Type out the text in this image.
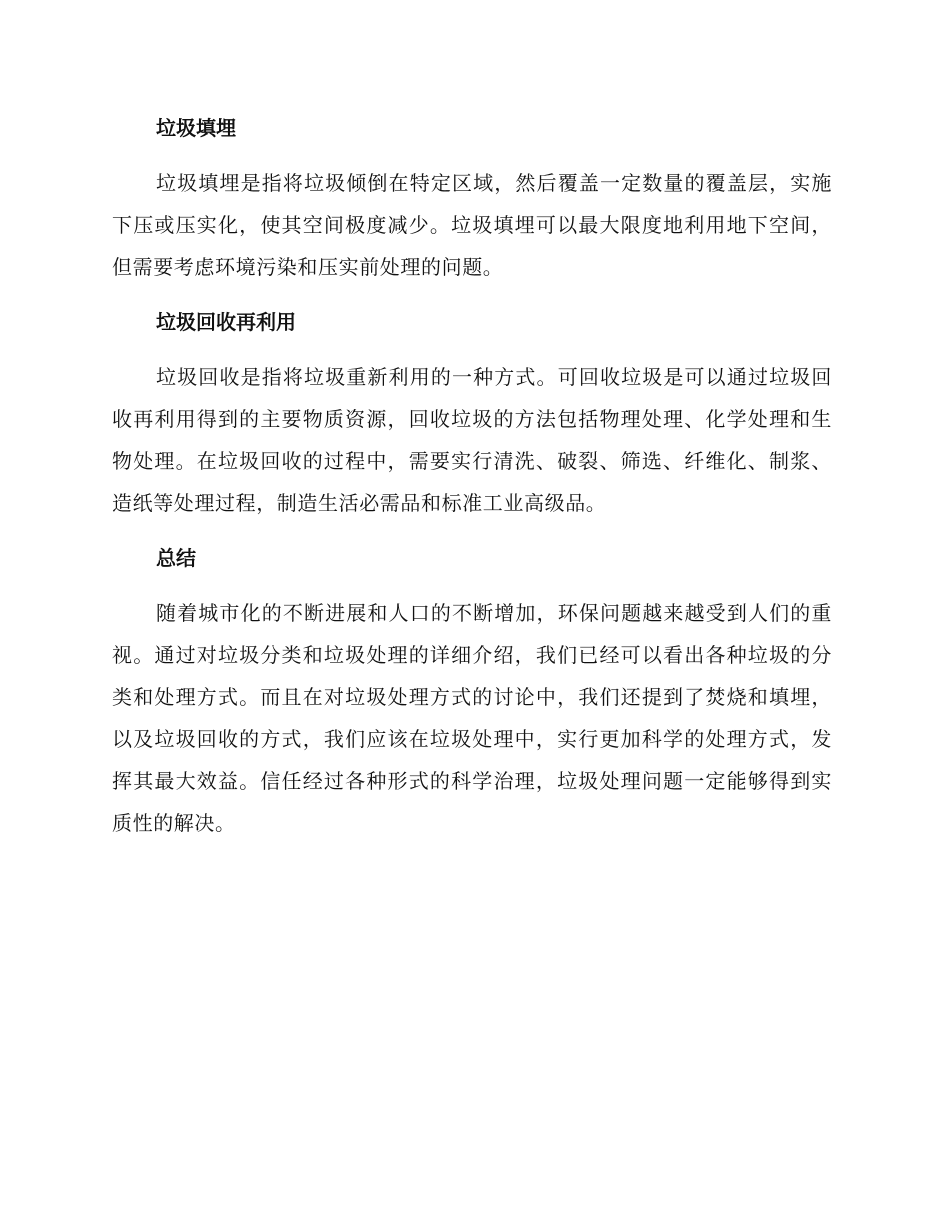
垃圾填埋

垃圾填埋是指将垃圾倾倒在特定区域，然后覆盖一定数量的覆盖层，实施下压或压实化，使其空间极度减少。垃圾填埋可以最大限度地利用地下空间，但需要考虑环境污染和压实前处理的问题。

垃圾回收再利用

垃圾回收是指将垃圾重新利用的一种方式。可回收垃圾是可以通过垃圾回收再利用得到的主要物质资源，回收垃圾的方法包括物理处理、化学处理和生物处理。在垃圾回收的过程中，需要实行清洗、破裂、筛选、纤维化、制浆、造纸等处理过程，制造生活必需品和标准工业高级品。

总结

随着城市化的不断进展和人口的不断增加，环保问题越来越受到人们的重视。通过对垃圾分类和垃圾处理的详细介绍，我们已经可以看出各种垃圾的分类和处理方式。而且在对垃圾处理方式的讨论中，我们还提到了焚烧和填埋，以及垃圾回收的方式，我们应该在垃圾处理中，实行更加科学的处理方式，发挥其最大效益。信任经过各种形式的科学治理，垃圾处理问题一定能够得到实质性的解决。
